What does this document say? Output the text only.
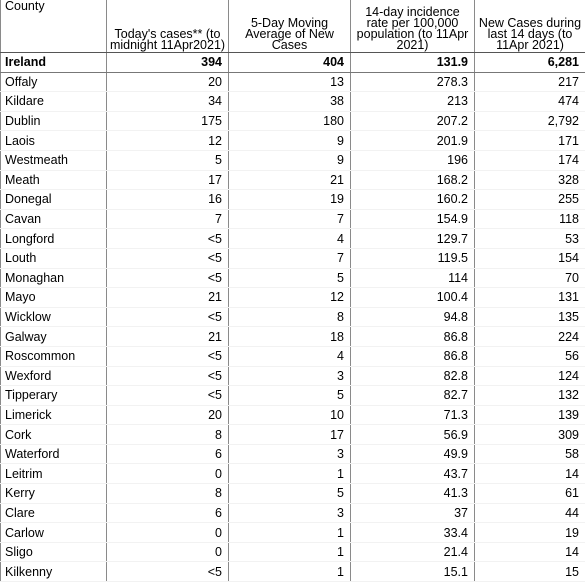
County	Today's cases** (to midnight 11Apr2021)	5-Day Moving Average of New Cases	14-day incidence rate per 100,000 population (to 11Apr 2021)	New Cases during last 14 days (to 11Apr 2021)
Ireland	394	404	131.9	6,281
Offaly	20	13	278.3	217
Kildare	34	38	213	474
Dublin	175	180	207.2	2,792
Laois	12	9	201.9	171
Westmeath	5	9	196	174
Meath	17	21	168.2	328
Donegal	16	19	160.2	255
Cavan	7	7	154.9	118
Longford	<5	4	129.7	53
Louth	<5	7	119.5	154
Monaghan	<5	5	114	70
Mayo	21	12	100.4	131
Wicklow	<5	8	94.8	135
Galway	21	18	86.8	224
Roscommon	<5	4	86.8	56
Wexford	<5	3	82.8	124
Tipperary	<5	5	82.7	132
Limerick	20	10	71.3	139
Cork	8	17	56.9	309
Waterford	6	3	49.9	58
Leitrim	0	1	43.7	14
Kerry	8	5	41.3	61
Clare	6	3	37	44
Carlow	0	1	33.4	19
Sligo	0	1	21.4	14
Kilkenny	<5	1	15.1	15
